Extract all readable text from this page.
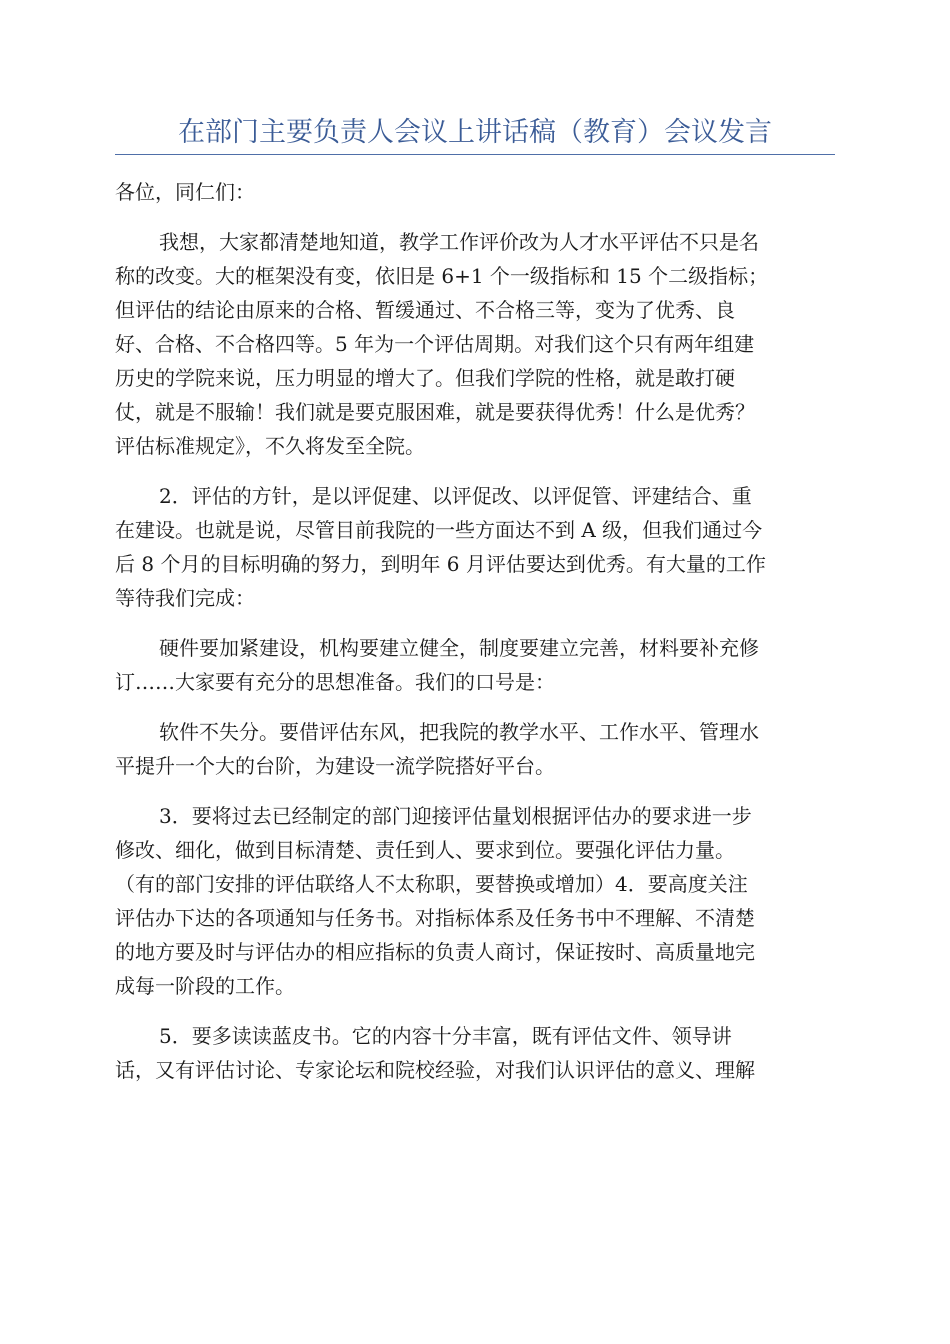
在部门主要负责人会议上讲话稿（教育）会议发言
各位，同仁们：
我想，大家都清楚地知道，教学工作评价改为人才水平评估不只是名
称的改变。大的框架没有变，依旧是 6+1 个一级指标和 15 个二级指标；
但评估的结论由原来的合格、暂缓通过、不合格三等，变为了优秀、良
好、合格、不合格四等。5 年为一个评估周期。对我们这个只有两年组建
历史的学院来说，压力明显的增大了。但我们学院的性格，就是敢打硬
仗，就是不服输！我们就是要克服困难，就是要获得优秀！什么是优秀？
评估标准规定》，不久将发至全院。
2．评估的方针，是以评促建、以评促改、以评促管、评建结合、重
在建设。也就是说，尽管目前我院的一些方面达不到 A 级，但我们通过今
后 8 个月的目标明确的努力，到明年 6 月评估要达到优秀。有大量的工作
等待我们完成：
硬件要加紧建设，机构要建立健全，制度要建立完善，材料要补充修
订……大家要有充分的思想准备。我们的口号是：
软件不失分。要借评估东风，把我院的教学水平、工作水平、管理水
平提升一个大的台阶，为建设一流学院搭好平台。
3．要将过去已经制定的部门迎接评估量划根据评估办的要求进一步
修改、细化，做到目标清楚、责任到人、要求到位。要强化评估力量。
（有的部门安排的评估联络人不太称职，要替换或增加）4．要高度关注
评估办下达的各项通知与任务书。对指标体系及任务书中不理解、不清楚
的地方要及时与评估办的相应指标的负责人商讨，保证按时、高质量地完
成每一阶段的工作。
5．要多读读蓝皮书。它的内容十分丰富，既有评估文件、领导讲
话，又有评估讨论、专家论坛和院校经验，对我们认识评估的意义、理解
